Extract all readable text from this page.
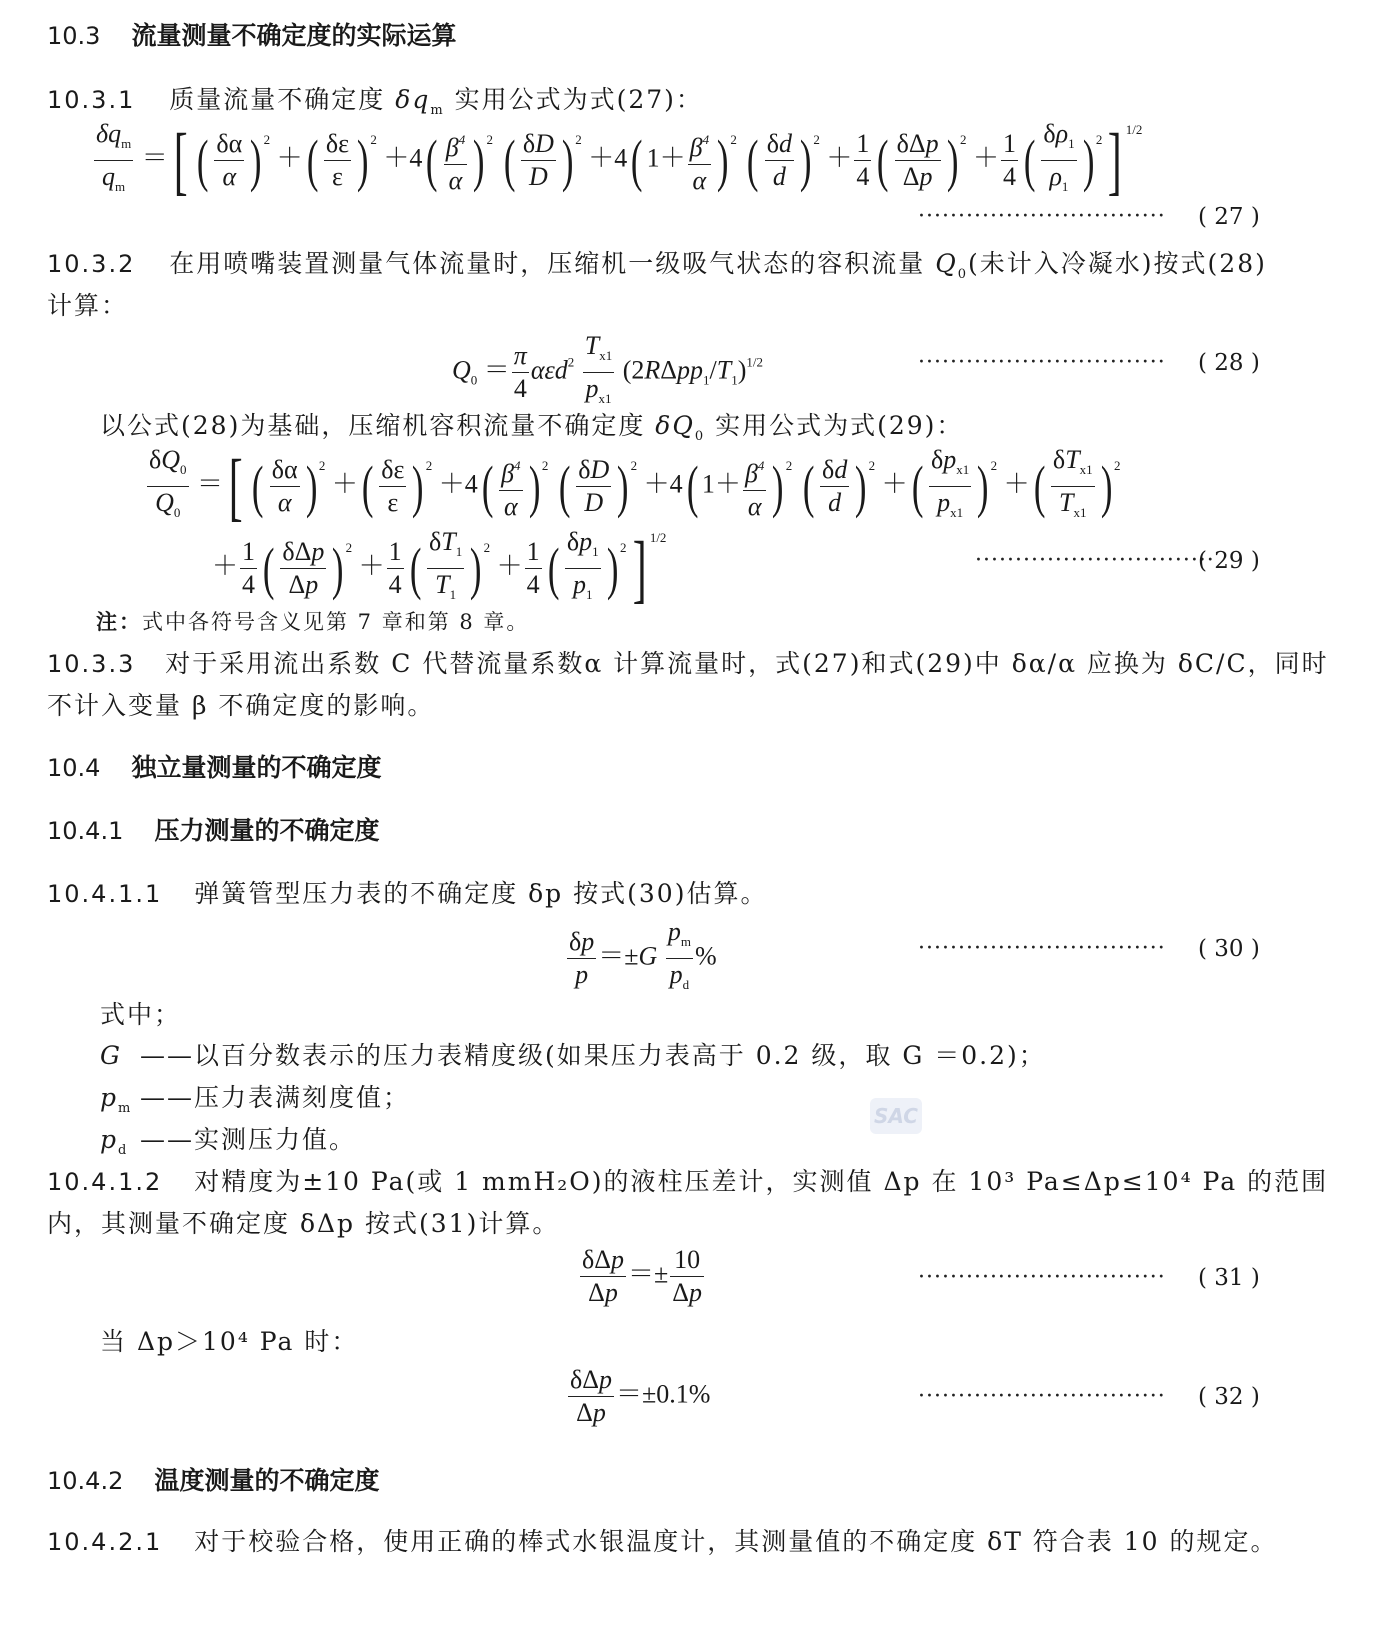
10.3 流量测量不确定度的实际运算
10.3.1 质量流量不确定度 $\delta q_m$ 实用公式为式(27)：
$\frac{\delta q_m}{q_m}$ ＝[ ( $\frac{\delta\alpha}{\alpha}$ ) $^2$ ＋( $\frac{\delta\varepsilon}{\varepsilon}$ ) $^2 +4( \frac{\beta^4}{\alpha}$ ) $^2$ ( $\frac{\delta D}{D}$ ) $^2$ ＋4( $1+ \frac{\beta^4}{\alpha}$ ) $^2$ ( $\frac{\delta d}{d}$ ) $^2 + \frac{1}{4}$ ( $\frac{\text{δΔp}}{\Delta p}$ ) $^2 + \frac{1}{4}$ ( $\frac{\delta\rho_1}{\rho_1}$ ) $^2$] $^{1/2}$
······························· ( 27 )
10.3.2 在用喷嘴装置测量气体流量时，压缩机一级吸气状态的容积流量 $Q_0$(未计入冷凝水)按式(28)
计算：
$Q_0 = \frac{\pi}{4} \alpha\varepsilon d^2 \frac{T_{x1}}{p_{x1}} (2R\Delta pp_1/T_1)^{1/2}$	······························· ( 28 )
以公式(28)为基础，压缩机容积流量不确定度 $\delta Q_0$ 实用公式为式(29)：
$\frac{\delta Q_0}{Q_0}$ ＝[ ( $\frac{\delta\alpha}{\alpha}$ ) $^2$ ＋( $\frac{\delta\varepsilon}{\varepsilon}$ ) $^2 +4( \frac{\beta^4}{\alpha}$ ) $^2$ ( $\frac{\delta D}{D}$ ) $^2$ ＋4( $1+ \frac{\beta^4}{\alpha}$ ) $^2$ ( $\frac{\delta d}{d}$ ) $^2$ ＋( $\frac{\delta p_{x1}}{p_{x1}}$ ) $^2$ ＋( $\frac{\delta T_{x1}}{T_{x1}}$ ) $^2$
＋ $\frac{1}{4}$ ( $\frac{\text{δΔp}}{\Delta p}$ ) $^2 + \frac{1}{4}$ ( $\frac{\delta T_1}{T_1}$ ) $^2 + \frac{1}{4}$ ( $\frac{\delta p_1}{p_1}$ ) $^2$] $^{1/2}$
······························
( 29 )
注：式中各符号含义见第 7 章和第 8 章。
10.3.3 对于采用流出系数 C 代替流量系数α 计算流量时，式(27)和式(29)中 δα/α 应换为 δC/C，同时
不计入变量 β 不确定度的影响。
10.4 独立量测量的不确定度
10.4.1 压力测量的不确定度
10.4.1.1 弹簧管型压力表的不确定度 δp 按式(30)估算。
$\frac{\delta p}{p} =\pm G \frac{p_m}{p_d}$ %	······························· ( 30 )
式中；
G ——以百分数表示的压力表精度级(如果压力表高于 0.2 级，取 G ＝0.2)；
$p_m$ ——压力表满刻度值；
$p_d$ ——实测压力值。
SAC
10.4.1.2 对精度为±10 Pa(或 1 mmH₂O)的液柱压差计，实测值 Δp 在 10³ Pa≤Δp≤10⁴ Pa 的范围
内，其测量不确定度 δΔp 按式(31)计算。
$\frac{\text{δΔp}}{\Delta p} =\pm \frac{10}{\Delta p}$	······························· ( 31 )
当 Δp＞10⁴ Pa 时：
$\frac{\text{δΔp}}{\Delta p} =\pm 0.1\%$	······························· ( 32 )
10.4.2 温度测量的不确定度
10.4.2.1 对于校验合格，使用正确的棒式水银温度计，其测量值的不确定度 δT 符合表 10 的规定。
